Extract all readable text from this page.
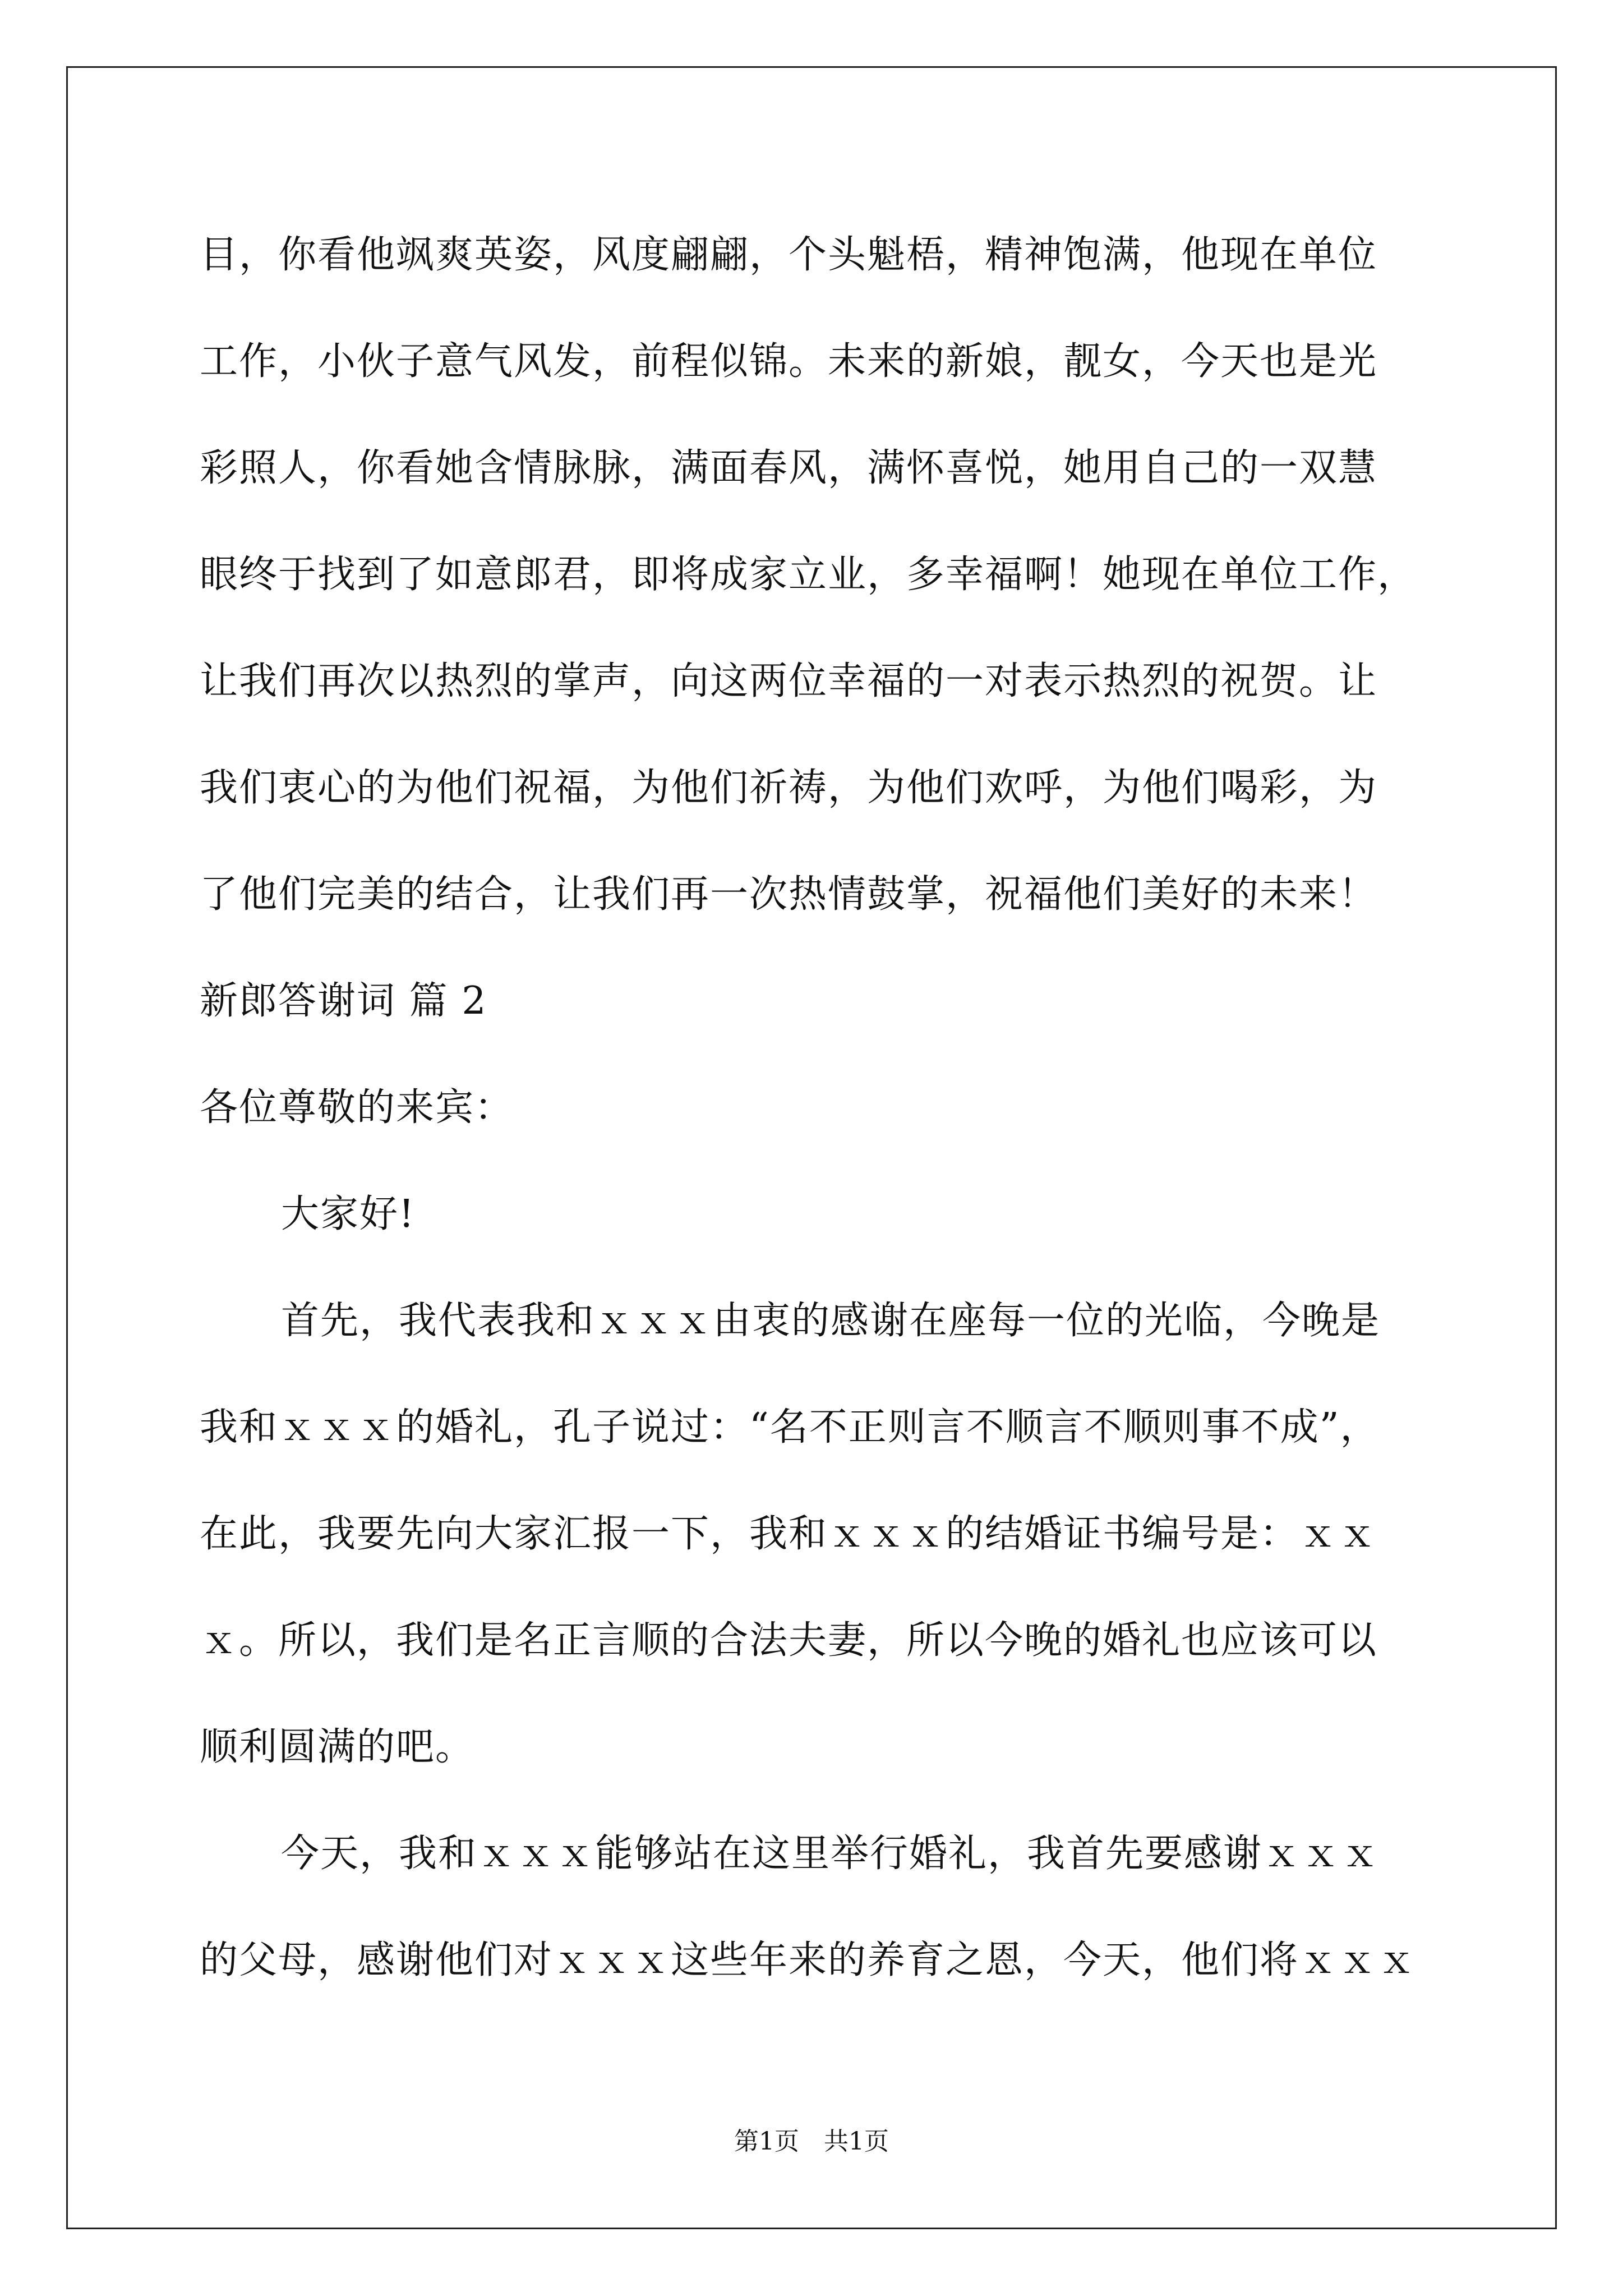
目，你看他飒爽英姿，风度翩翩，个头魁梧，精神饱满，他现在单位
工作，小伙子意气风发，前程似锦。未来的新娘，靓女，今天也是光
彩照人，你看她含情脉脉，满面春风，满怀喜悦，她用自己的一双慧
眼终于找到了如意郎君，即将成家立业，多幸福啊！她现在单位工作，
让我们再次以热烈的掌声，向这两位幸福的一对表示热烈的祝贺。让
我们衷心的为他们祝福，为他们祈祷，为他们欢呼，为他们喝彩，为
了他们完美的结合，让我们再一次热情鼓掌，祝福他们美好的未来！
新郎答谢词 篇 2
各位尊敬的来宾：
大家好!
首先，我代表我和ｘｘｘ由衷的感谢在座每一位的光临，今晚是
我和ｘｘｘ的婚礼，孔子说过：“名不正则言不顺言不顺则事不成”，
在此，我要先向大家汇报一下，我和ｘｘｘ的结婚证书编号是：ｘｘ
ｘ。所以，我们是名正言顺的合法夫妻，所以今晚的婚礼也应该可以
顺利圆满的吧。
今天，我和ｘｘｘ能够站在这里举行婚礼，我首先要感谢ｘｘｘ
的父母，感谢他们对ｘｘｘ这些年来的养育之恩，今天，他们将ｘｘｘ
第1页　共1页
